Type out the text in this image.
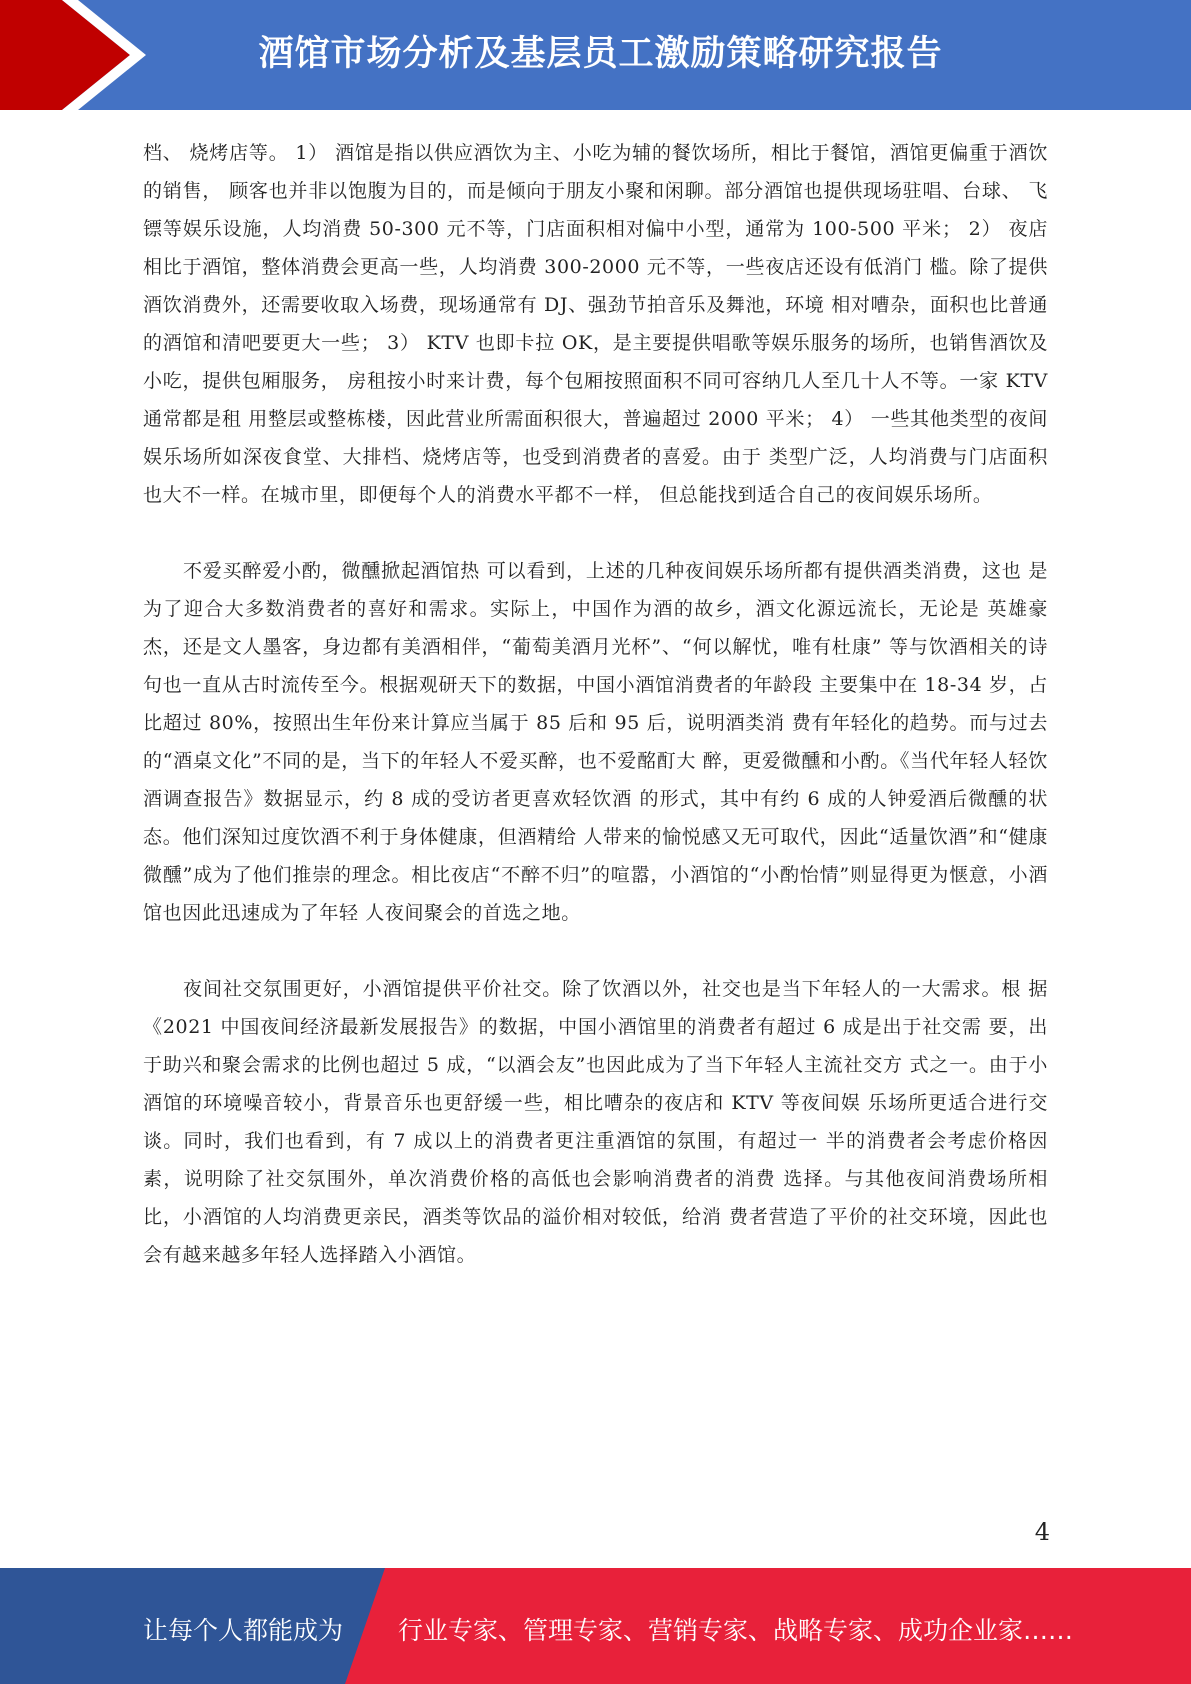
酒馆市场分析及基层员工激励策略研究报告

档、 烧烤店等。 1） 酒馆是指以供应酒饮为主、小吃为辅的餐饮场所，相比于餐馆，酒馆更偏重于酒饮的销售， 顾客也并非以饱腹为目的，而是倾向于朋友小聚和闲聊。部分酒馆也提供现场驻唱、台球、 飞镖等娱乐设施，人均消费 50-300 元不等，门店面积相对偏中小型，通常为 100-500 平米； 2） 夜店相比于酒馆，整体消费会更高一些，人均消费 300-2000 元不等，一些夜店还设有低消门 槛。除了提供酒饮消费外，还需要收取入场费，现场通常有 DJ、强劲节拍音乐及舞池，环境 相对嘈杂，面积也比普通的酒馆和清吧要更大一些； 3） KTV 也即卡拉 OK，是主要提供唱歌等娱乐服务的场所，也销售酒饮及小吃，提供包厢服务， 房租按小时来计费，每个包厢按照面积不同可容纳几人至几十人不等。一家 KTV 通常都是租 用整层或整栋楼，因此营业所需面积很大，普遍超过 2000 平米； 4） 一些其他类型的夜间娱乐场所如深夜食堂、大排档、烧烤店等，也受到消费者的喜爱。由于 类型广泛，人均消费与门店面积也大不一样。在城市里，即便每个人的消费水平都不一样， 但总能找到适合自己的夜间娱乐场所。

不爱买醉爱小酌，微醺掀起酒馆热 可以看到，上述的几种夜间娱乐场所都有提供酒类消费，这也 是为了迎合大多数消费者的喜好和需求。实际上，中国作为酒的故乡，酒文化源远流长，无论是 英雄豪杰，还是文人墨客，身边都有美酒相伴，“葡萄美酒月光杯”、“何以解忧，唯有杜康” 等与饮酒相关的诗句也一直从古时流传至今。根据观研天下的数据，中国小酒馆消费者的年龄段 主要集中在 18-34 岁，占比超过 80%，按照出生年份来计算应当属于 85 后和 95 后，说明酒类消 费有年轻化的趋势。而与过去的“酒桌文化”不同的是，当下的年轻人不爱买醉，也不爱酩酊大 醉，更爱微醺和小酌。《当代年轻人轻饮酒调查报告》数据显示，约 8 成的受访者更喜欢轻饮酒 的形式，其中有约 6 成的人钟爱酒后微醺的状态。他们深知过度饮酒不利于身体健康，但酒精给 人带来的愉悦感又无可取代，因此“适量饮酒”和“健康微醺”成为了他们推崇的理念。相比夜店“不醉不归”的喧嚣，小酒馆的“小酌怡情”则显得更为惬意，小酒馆也因此迅速成为了年轻 人夜间聚会的首选之地。

夜间社交氛围更好，小酒馆提供平价社交。除了饮酒以外，社交也是当下年轻人的一大需求。根 据《2021 中国夜间经济最新发展报告》的数据，中国小酒馆里的消费者有超过 6 成是出于社交需 要，出于助兴和聚会需求的比例也超过 5 成，“以酒会友”也因此成为了当下年轻人主流社交方 式之一。由于小酒馆的环境噪音较小，背景音乐也更舒缓一些，相比嘈杂的夜店和 KTV 等夜间娱 乐场所更适合进行交谈。同时，我们也看到，有 7 成以上的消费者更注重酒馆的氛围，有超过一 半的消费者会考虑价格因素，说明除了社交氛围外，单次消费价格的高低也会影响消费者的消费 选择。与其他夜间消费场所相比，小酒馆的人均消费更亲民，酒类等饮品的溢价相对较低，给消 费者营造了平价的社交环境，因此也会有越来越多年轻人选择踏入小酒馆。

4
让每个人都能成为 行业专家、管理专家、营销专家、战略专家、成功企业家……
